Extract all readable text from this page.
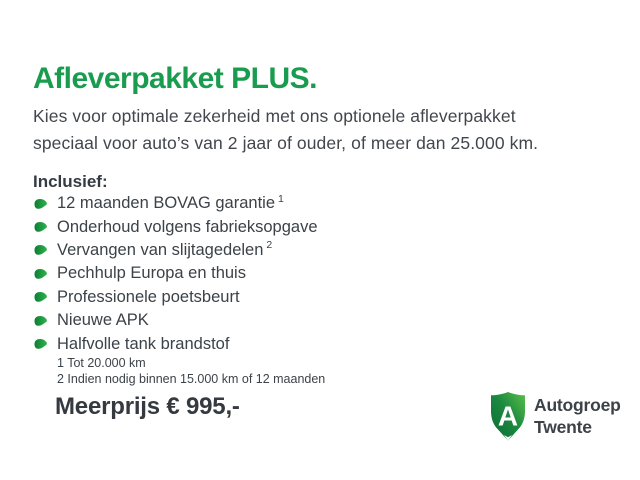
Afleverpakket PLUS.
Kies voor optimale zekerheid met ons optionele afleverpakket
speciaal voor auto’s van 2 jaar of ouder, of meer dan 25.000 km.
Inclusief:
12 maanden BOVAG garantie 1
Onderhoud volgens fabrieksopgave
Vervangen van slijtagedelen 2
Pechhulp Europa en thuis
Professionele poetsbeurt
Nieuwe APK
Halfvolle tank brandstof
1 Tot 20.000 km
2 Indien nodig binnen 15.000 km of 12 maanden
Meerprijs € 995,-	A Autogroep
Twente
